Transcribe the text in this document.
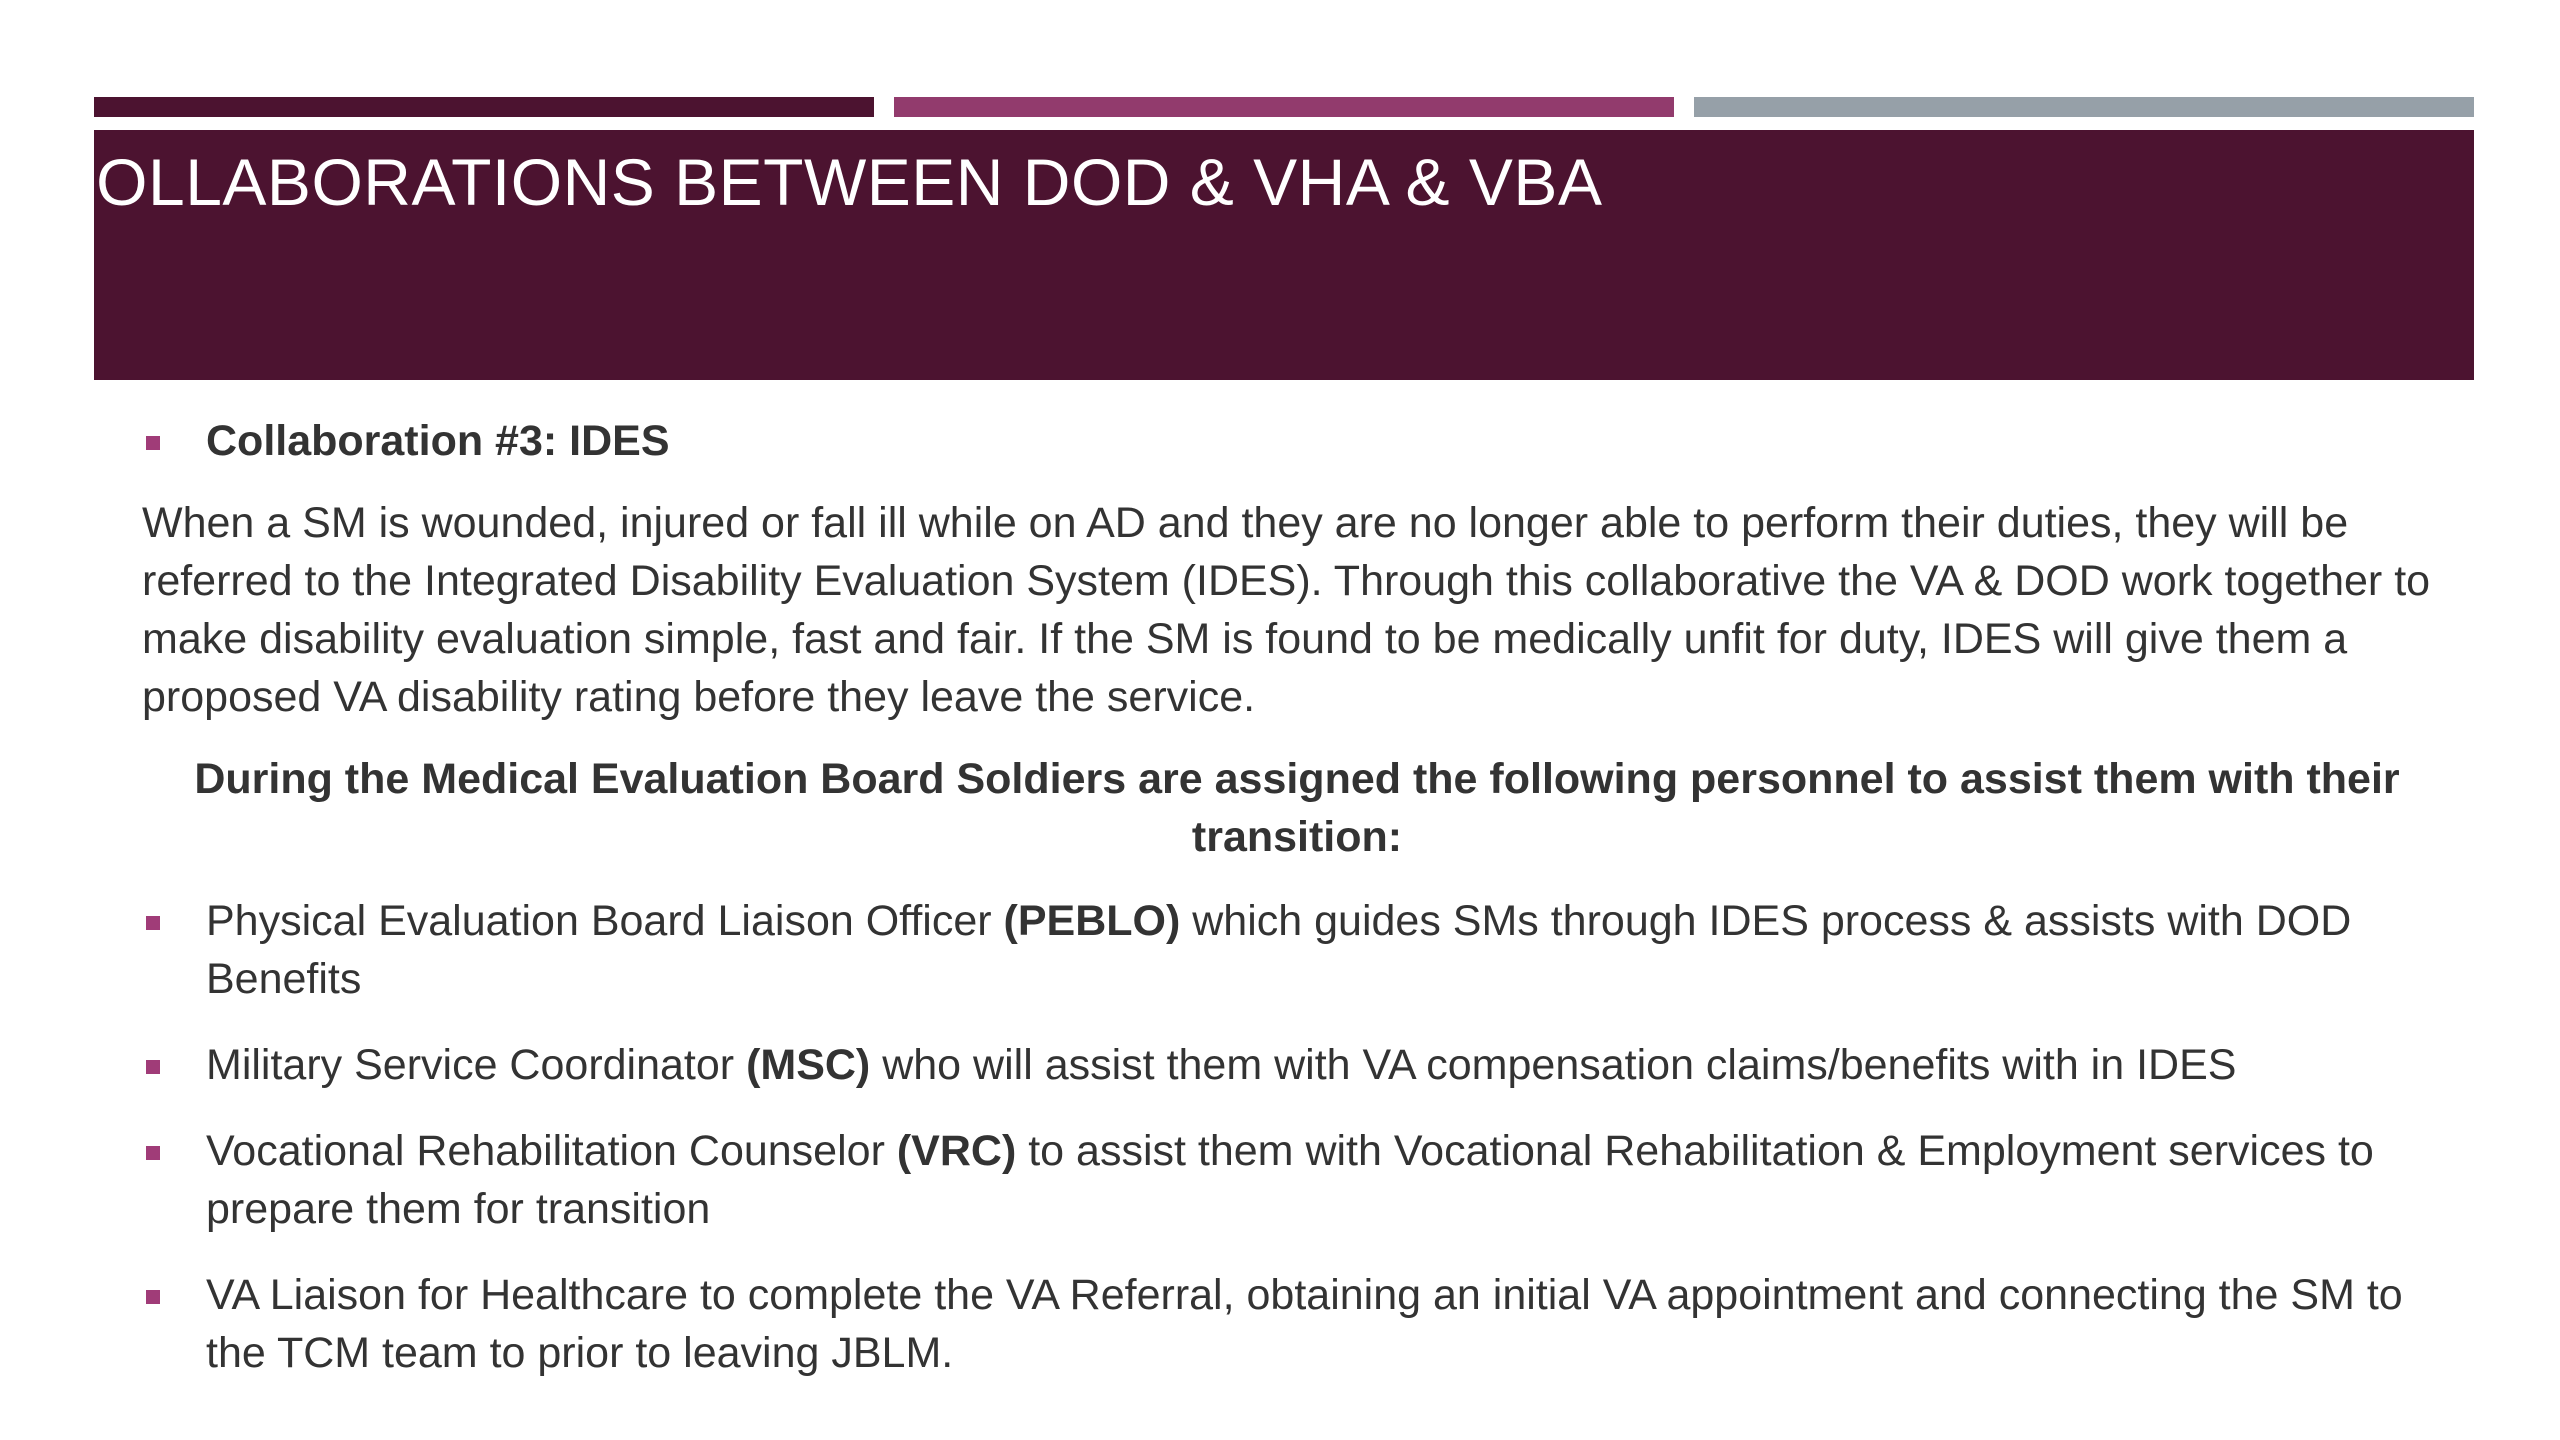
COLLABORATIONS BETWEEN DOD & VHA & VBA
Collaboration #3: IDES
When a SM is wounded, injured or fall ill while on AD and they are no longer able to perform their duties, they will be referred to the Integrated Disability Evaluation System (IDES). Through this collaborative the VA & DOD work together to make disability evaluation simple, fast and fair. If the SM is found to be medically unfit for duty, IDES will give them a proposed VA disability rating before they leave the service.
During the Medical Evaluation Board Soldiers are assigned the following personnel to assist them with their transition:
Physical Evaluation Board Liaison Officer (PEBLO) which guides SMs through IDES process & assists with DOD Benefits
Military Service Coordinator (MSC) who will assist them with VA compensation claims/benefits with in IDES
Vocational Rehabilitation Counselor (VRC) to assist them with Vocational Rehabilitation & Employment services to prepare them for transition
VA Liaison for Healthcare to complete the VA Referral, obtaining an initial VA appointment and connecting the SM to the TCM team to prior to leaving JBLM.
